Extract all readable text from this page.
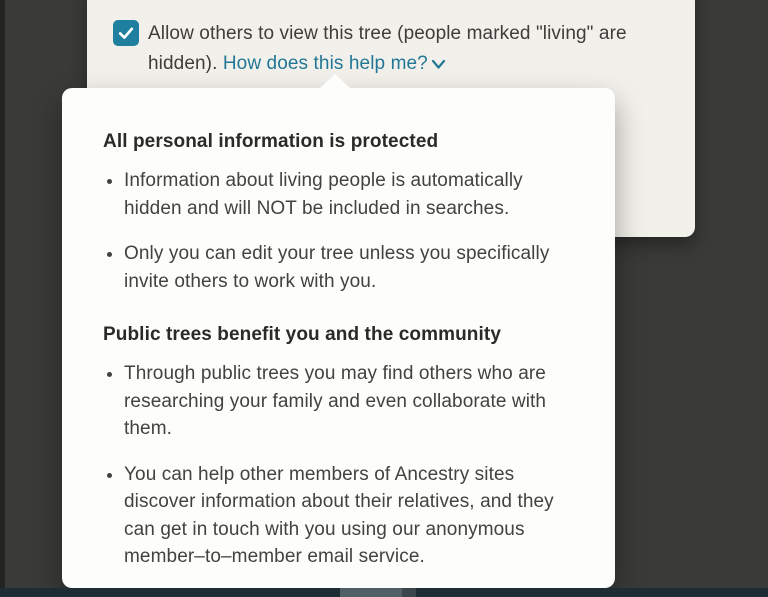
Allow others to view this tree (people marked "living" are hidden). How does this help me?
All personal information is protected
• Information about living people is automatically hidden and will NOT be included in searches.
• Only you can edit your tree unless you specifically invite others to work with you.
Public trees benefit you and the community
• Through public trees you may find others who are researching your family and even collaborate with them.
• You can help other members of Ancestry sites discover information about their relatives, and they can get in touch with you using our anonymous member–to–member email service.
